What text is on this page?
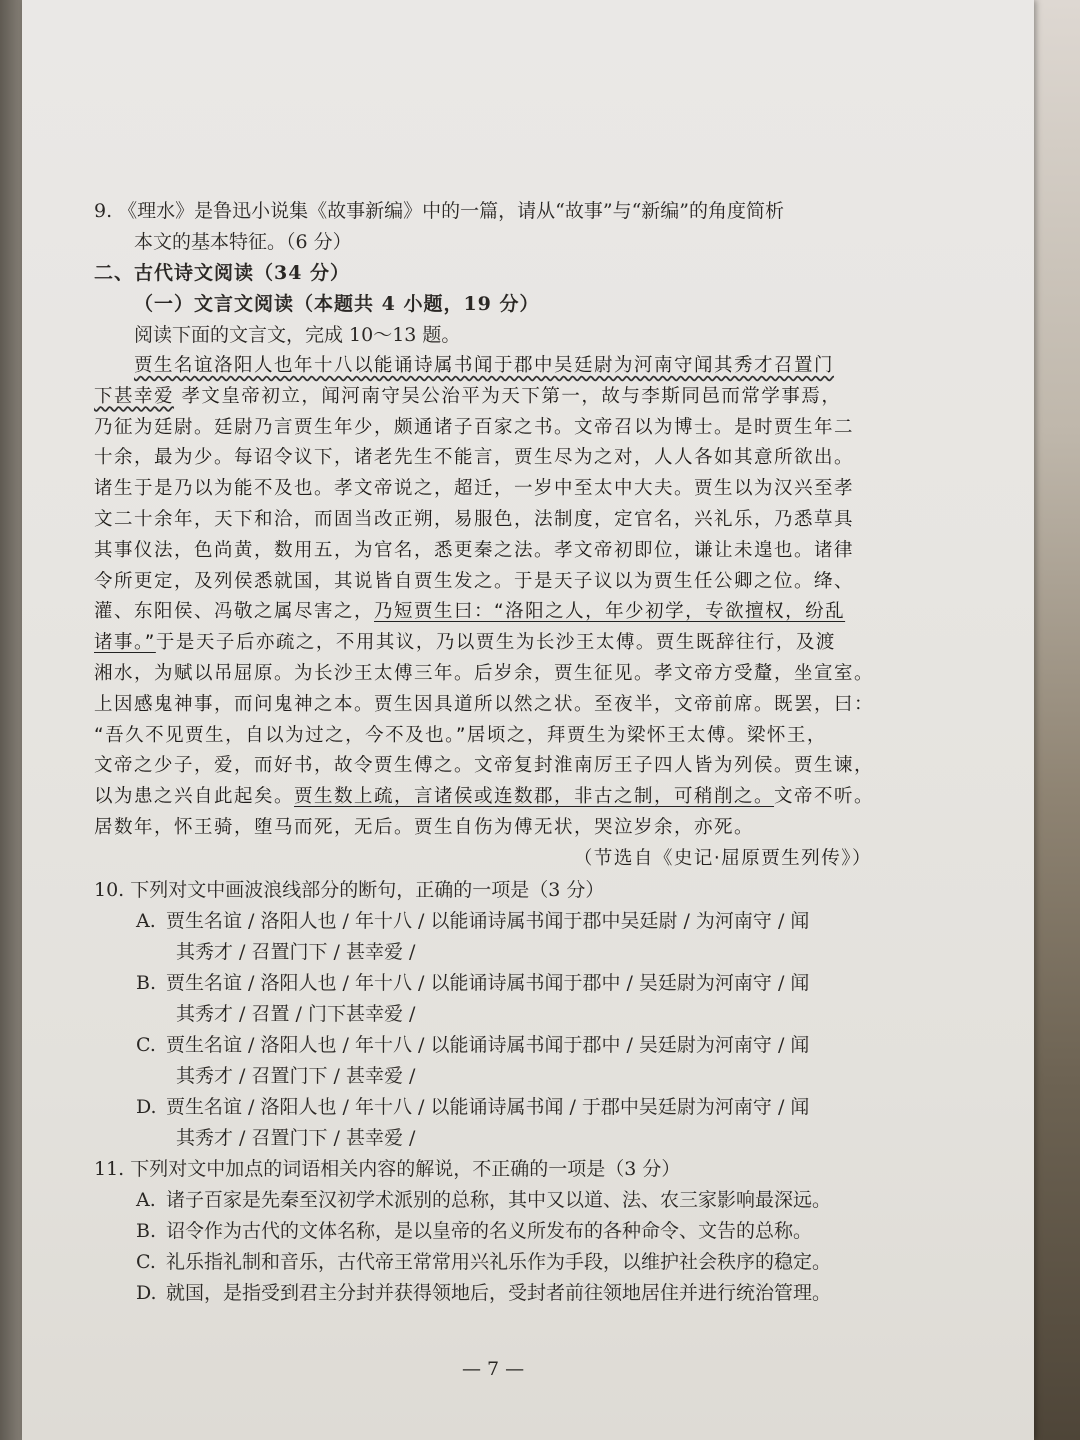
9. 《理水》是鲁迅小说集《故事新编》中的一篇，请从“故事”与“新编”的角度简析
本文的基本特征。（6 分）
二、古代诗文阅读（34 分）
（一）文言文阅读（本题共 4 小题，19 分）
阅读下面的文言文，完成 10～13 题。
贾生名谊洛阳人也年十八以能诵诗属书闻于郡中吴廷尉为河南守闻其秀才召置门
下甚幸爱 孝文皇帝初立，闻河南守吴公治平为天下第一，故与李斯同邑而常学事焉，
乃征为廷尉。廷尉乃言贾生年少，颇通诸子百家之书。文帝召以为博士。是时贾生年二
十余，最为少。每诏令议下，诸老先生不能言，贾生尽为之对，人人各如其意所欲出。
诸生于是乃以为能不及也。孝文帝说之，超迁，一岁中至太中大夫。贾生以为汉兴至孝
文二十余年，天下和洽，而固当改正朔，易服色，法制度，定官名，兴礼乐，乃悉草具
其事仪法，色尚黄，数用五，为官名，悉更秦之法。孝文帝初即位，谦让未遑也。诸律
令所更定，及列侯悉就国，其说皆自贾生发之。于是天子议以为贾生任公卿之位。绛、
灌、东阳侯、冯敬之属尽害之，乃短贾生曰：“洛阳之人，年少初学，专欲擅权，纷乱
诸事。”于是天子后亦疏之，不用其议，乃以贾生为长沙王太傅。贾生既辞往行，及渡
湘水，为赋以吊屈原。为长沙王太傅三年。后岁余，贾生征见。孝文帝方受釐，坐宣室。
上因感鬼神事，而问鬼神之本。贾生因具道所以然之状。至夜半，文帝前席。既罢，曰：
“吾久不见贾生，自以为过之，今不及也。”居顷之，拜贾生为梁怀王太傅。梁怀王，
文帝之少子，爱，而好书，故令贾生傅之。文帝复封淮南厉王子四人皆为列侯。贾生谏，
以为患之兴自此起矣。贾生数上疏，言诸侯或连数郡，非古之制，可稍削之。文帝不听。
居数年，怀王骑，堕马而死，无后。贾生自伤为傅无状，哭泣岁余，亦死。
（节选自《史记·屈原贾生列传》）
10. 下列对文中画波浪线部分的断句，正确的一项是（3 分）
A. 贾生名谊 / 洛阳人也 / 年十八 / 以能诵诗属书闻于郡中吴廷尉 / 为河南守 / 闻
其秀才 / 召置门下 / 甚幸爱 /
B. 贾生名谊 / 洛阳人也 / 年十八 / 以能诵诗属书闻于郡中 / 吴廷尉为河南守 / 闻
其秀才 / 召置 / 门下甚幸爱 /
C. 贾生名谊 / 洛阳人也 / 年十八 / 以能诵诗属书闻于郡中 / 吴廷尉为河南守 / 闻
其秀才 / 召置门下 / 甚幸爱 /
D. 贾生名谊 / 洛阳人也 / 年十八 / 以能诵诗属书闻 / 于郡中吴廷尉为河南守 / 闻
其秀才 / 召置门下 / 甚幸爱 /
11. 下列对文中加点的词语相关内容的解说，不正确的一项是（3 分）
A. 诸子百家是先秦至汉初学术派别的总称，其中又以道、法、农三家影响最深远。
B. 诏令作为古代的文体名称，是以皇帝的名义所发布的各种命令、文告的总称。
C. 礼乐指礼制和音乐，古代帝王常常用兴礼乐作为手段，以维护社会秩序的稳定。
D. 就国，是指受到君主分封并获得领地后，受封者前往领地居住并进行统治管理。
— 7 —
